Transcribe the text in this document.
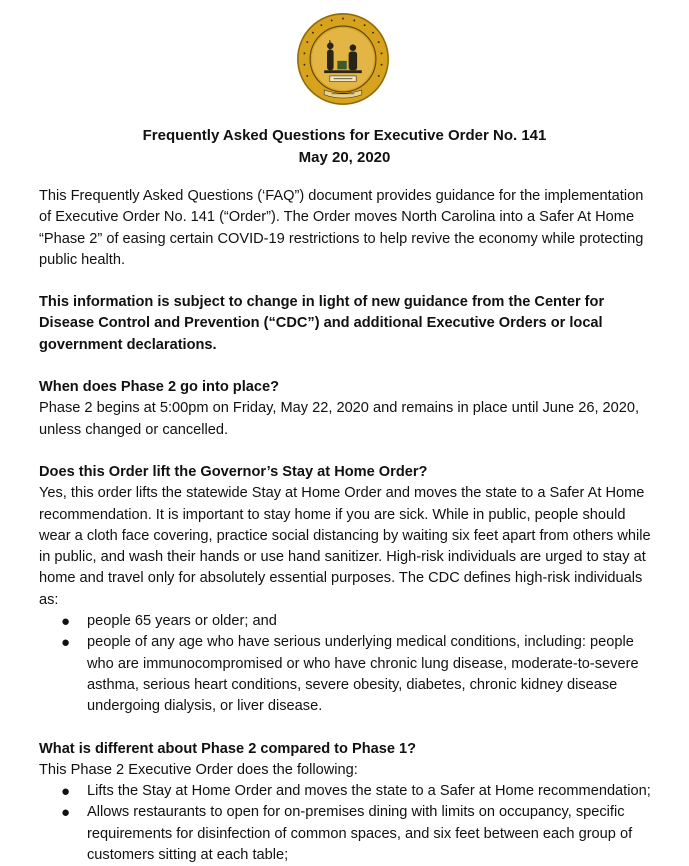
Frequently Asked Questions for Executive Order No. 141
May 20, 2020

This Frequently Asked Questions (‘FAQ”) document provides guidance for the implementation of Executive Order No. 141 (“Order”). The Order moves North Carolina into a Safer At Home “Phase 2” of easing certain COVID-19 restrictions to help revive the economy while protecting public health.

This information is subject to change in light of new guidance from the Center for Disease Control and Prevention (“CDC”) and additional Executive Orders or local government declarations.

When does Phase 2 go into place?

Phase 2 begins at 5:00pm on Friday, May 22, 2020 and remains in place until June 26, 2020, unless changed or cancelled.

Does this Order lift the Governor’s Stay at Home Order?

Yes, this order lifts the statewide Stay at Home Order and moves the state to a Safer At Home recommendation. It is important to stay home if you are sick. While in public, people should wear a cloth face covering, practice social distancing by waiting six feet apart from others while in public, and wash their hands or use hand sanitizer. High-risk individuals are urged to stay at home and travel only for absolutely essential purposes. The CDC defines high-risk individuals as:

● people 65 years or older; and
● people of any age who have serious underlying medical conditions, including: people who are immunocompromised or who have chronic lung disease, moderate-to-severe asthma, serious heart conditions, severe obesity, diabetes, chronic kidney disease undergoing dialysis, or liver disease.

What is different about Phase 2 compared to Phase 1?

This Phase 2 Executive Order does the following:

● Lifts the Stay at Home Order and moves the state to a Safer at Home recommendation;
● Allows restaurants to open for on-premises dining with limits on occupancy, specific requirements for disinfection of common spaces, and six feet between each group of customers sitting at each table;
